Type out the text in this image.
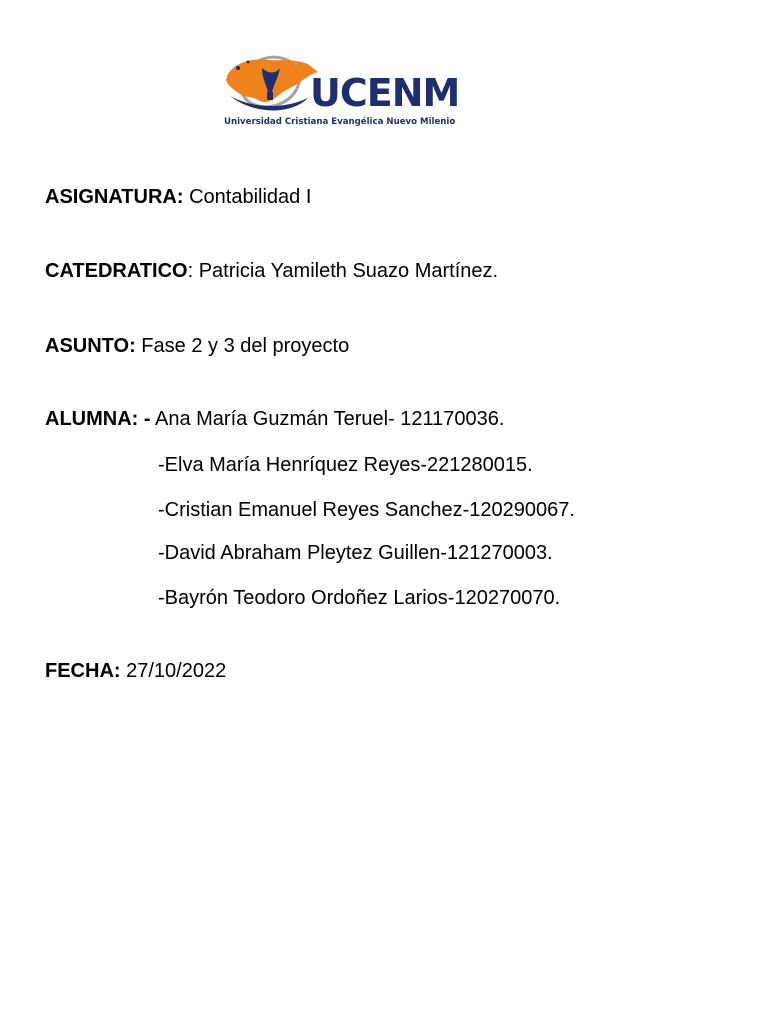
UCENM
Universidad Cristiana Evangélica Nuevo Milenio
ASIGNATURA: Contabilidad I
CATEDRATICO: Patricia Yamileth Suazo Martínez.
ASUNTO: Fase 2 y 3 del proyecto
ALUMNA: - Ana María Guzmán Teruel- 121170036.
-Elva María Henríquez Reyes-221280015.
-Cristian Emanuel Reyes Sanchez-120290067.
-David Abraham Pleytez Guillen-121270003.
-Bayrón Teodoro Ordoñez Larios-120270070.
FECHA: 27/10/2022
